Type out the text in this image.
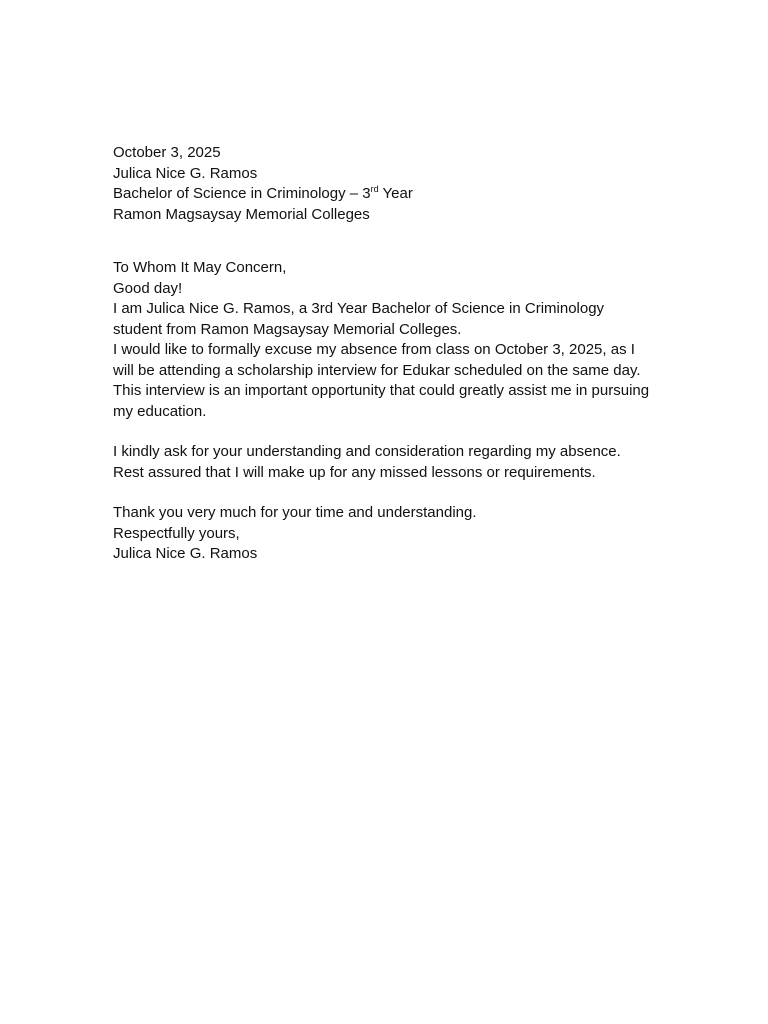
October 3, 2025

Julica Nice G. Ramos

Bachelor of Science in Criminology – 3rd Year

Ramon Magsaysay Memorial Colleges

To Whom It May Concern,

Good day!

I am Julica Nice G. Ramos, a 3rd Year Bachelor of Science in Criminology

student from Ramon Magsaysay Memorial Colleges.

I would like to formally excuse my absence from class on October 3, 2025, as I

will be attending a scholarship interview for Edukar scheduled on the same day.

This interview is an important opportunity that could greatly assist me in pursuing

my education.

I kindly ask for your understanding and consideration regarding my absence.

Rest assured that I will make up for any missed lessons or requirements.

Thank you very much for your time and understanding.

Respectfully yours,

Julica Nice G. Ramos
